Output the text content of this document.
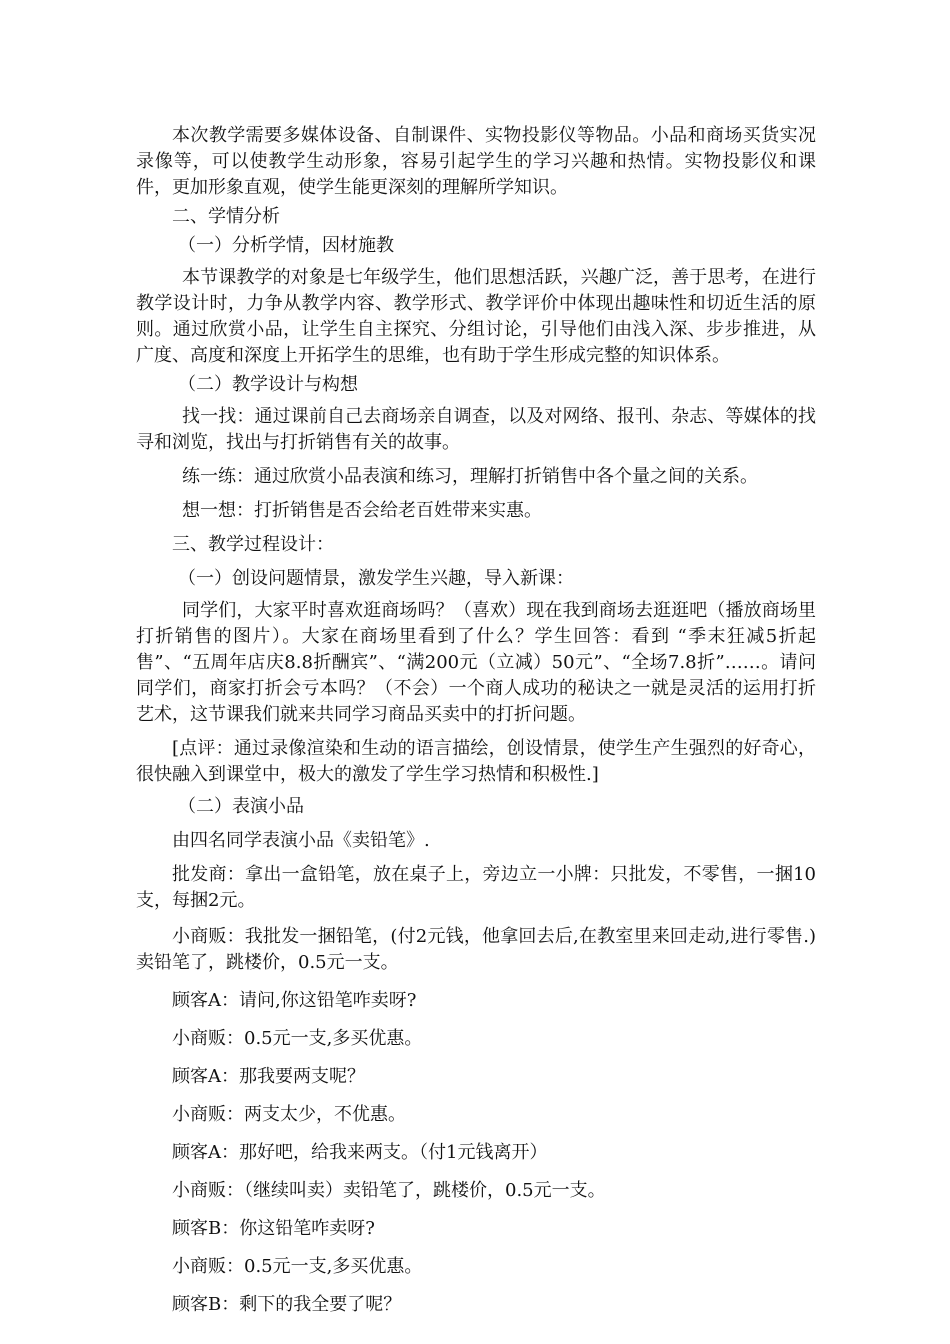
本次教学需要多媒体设备、自制课件、实物投影仪等物品。小品和商场买货实况录像等，可以使教学生动形象，容易引起学生的学习兴趣和热情。实物投影仪和课件，更加形象直观，使学生能更深刻的理解所学知识。

二、学情分析

（一）分析学情，因材施教

本节课教学的对象是七年级学生，他们思想活跃，兴趣广泛，善于思考，在进行教学设计时，力争从教学内容、教学形式、教学评价中体现出趣味性和切近生活的原则。通过欣赏小品，让学生自主探究、分组讨论，引导他们由浅入深、步步推进，从广度、高度和深度上开拓学生的思维，也有助于学生形成完整的知识体系。

（二）教学设计与构想

找一找：通过课前自己去商场亲自调查，以及对网络、报刊、杂志、等媒体的找寻和浏览，找出与打折销售有关的故事。

练一练：通过欣赏小品表演和练习，理解打折销售中各个量之间的关系。

想一想：打折销售是否会给老百姓带来实惠。

三、教学过程设计：

（一）创设问题情景，激发学生兴趣，导入新课：

同学们，大家平时喜欢逛商场吗？（喜欢）现在我到商场去逛逛吧（播放商场里打折销售的图片）。大家在商场里看到了什么？学生回答：看到 “季末狂减5折起售”、“五周年店庆8.8折酬宾”、“满200元（立减）50元”、“全场7.8折”……。请问同学们，商家打折会亏本吗？（不会）一个商人成功的秘诀之一就是灵活的运用打折艺术，这节课我们就来共同学习商品买卖中的打折问题。

[点评：通过录像渲染和生动的语言描绘，创设情景，使学生产生强烈的好奇心，很快融入到课堂中，极大的激发了学生学习热情和积极性.]

（二）表演小品

由四名同学表演小品《卖铅笔》.

批发商：拿出一盒铅笔，放在桌子上，旁边立一小牌：只批发，不零售，一捆10支，每捆2元。

小商贩：我批发一捆铅笔，(付2元钱，他拿回去后,在教室里来回走动,进行零售.)卖铅笔了，跳楼价，0.5元一支。

顾客A：请问,你这铅笔咋卖呀?

小商贩：0.5元一支,多买优惠。

顾客A：那我要两支呢？

小商贩：两支太少，不优惠。

顾客A：那好吧，给我来两支。（付1元钱离开）

小商贩：（继续叫卖）卖铅笔了，跳楼价，0.5元一支。

顾客B：你这铅笔咋卖呀?

小商贩：0.5元一支,多买优惠。

顾客B：剩下的我全要了呢？
